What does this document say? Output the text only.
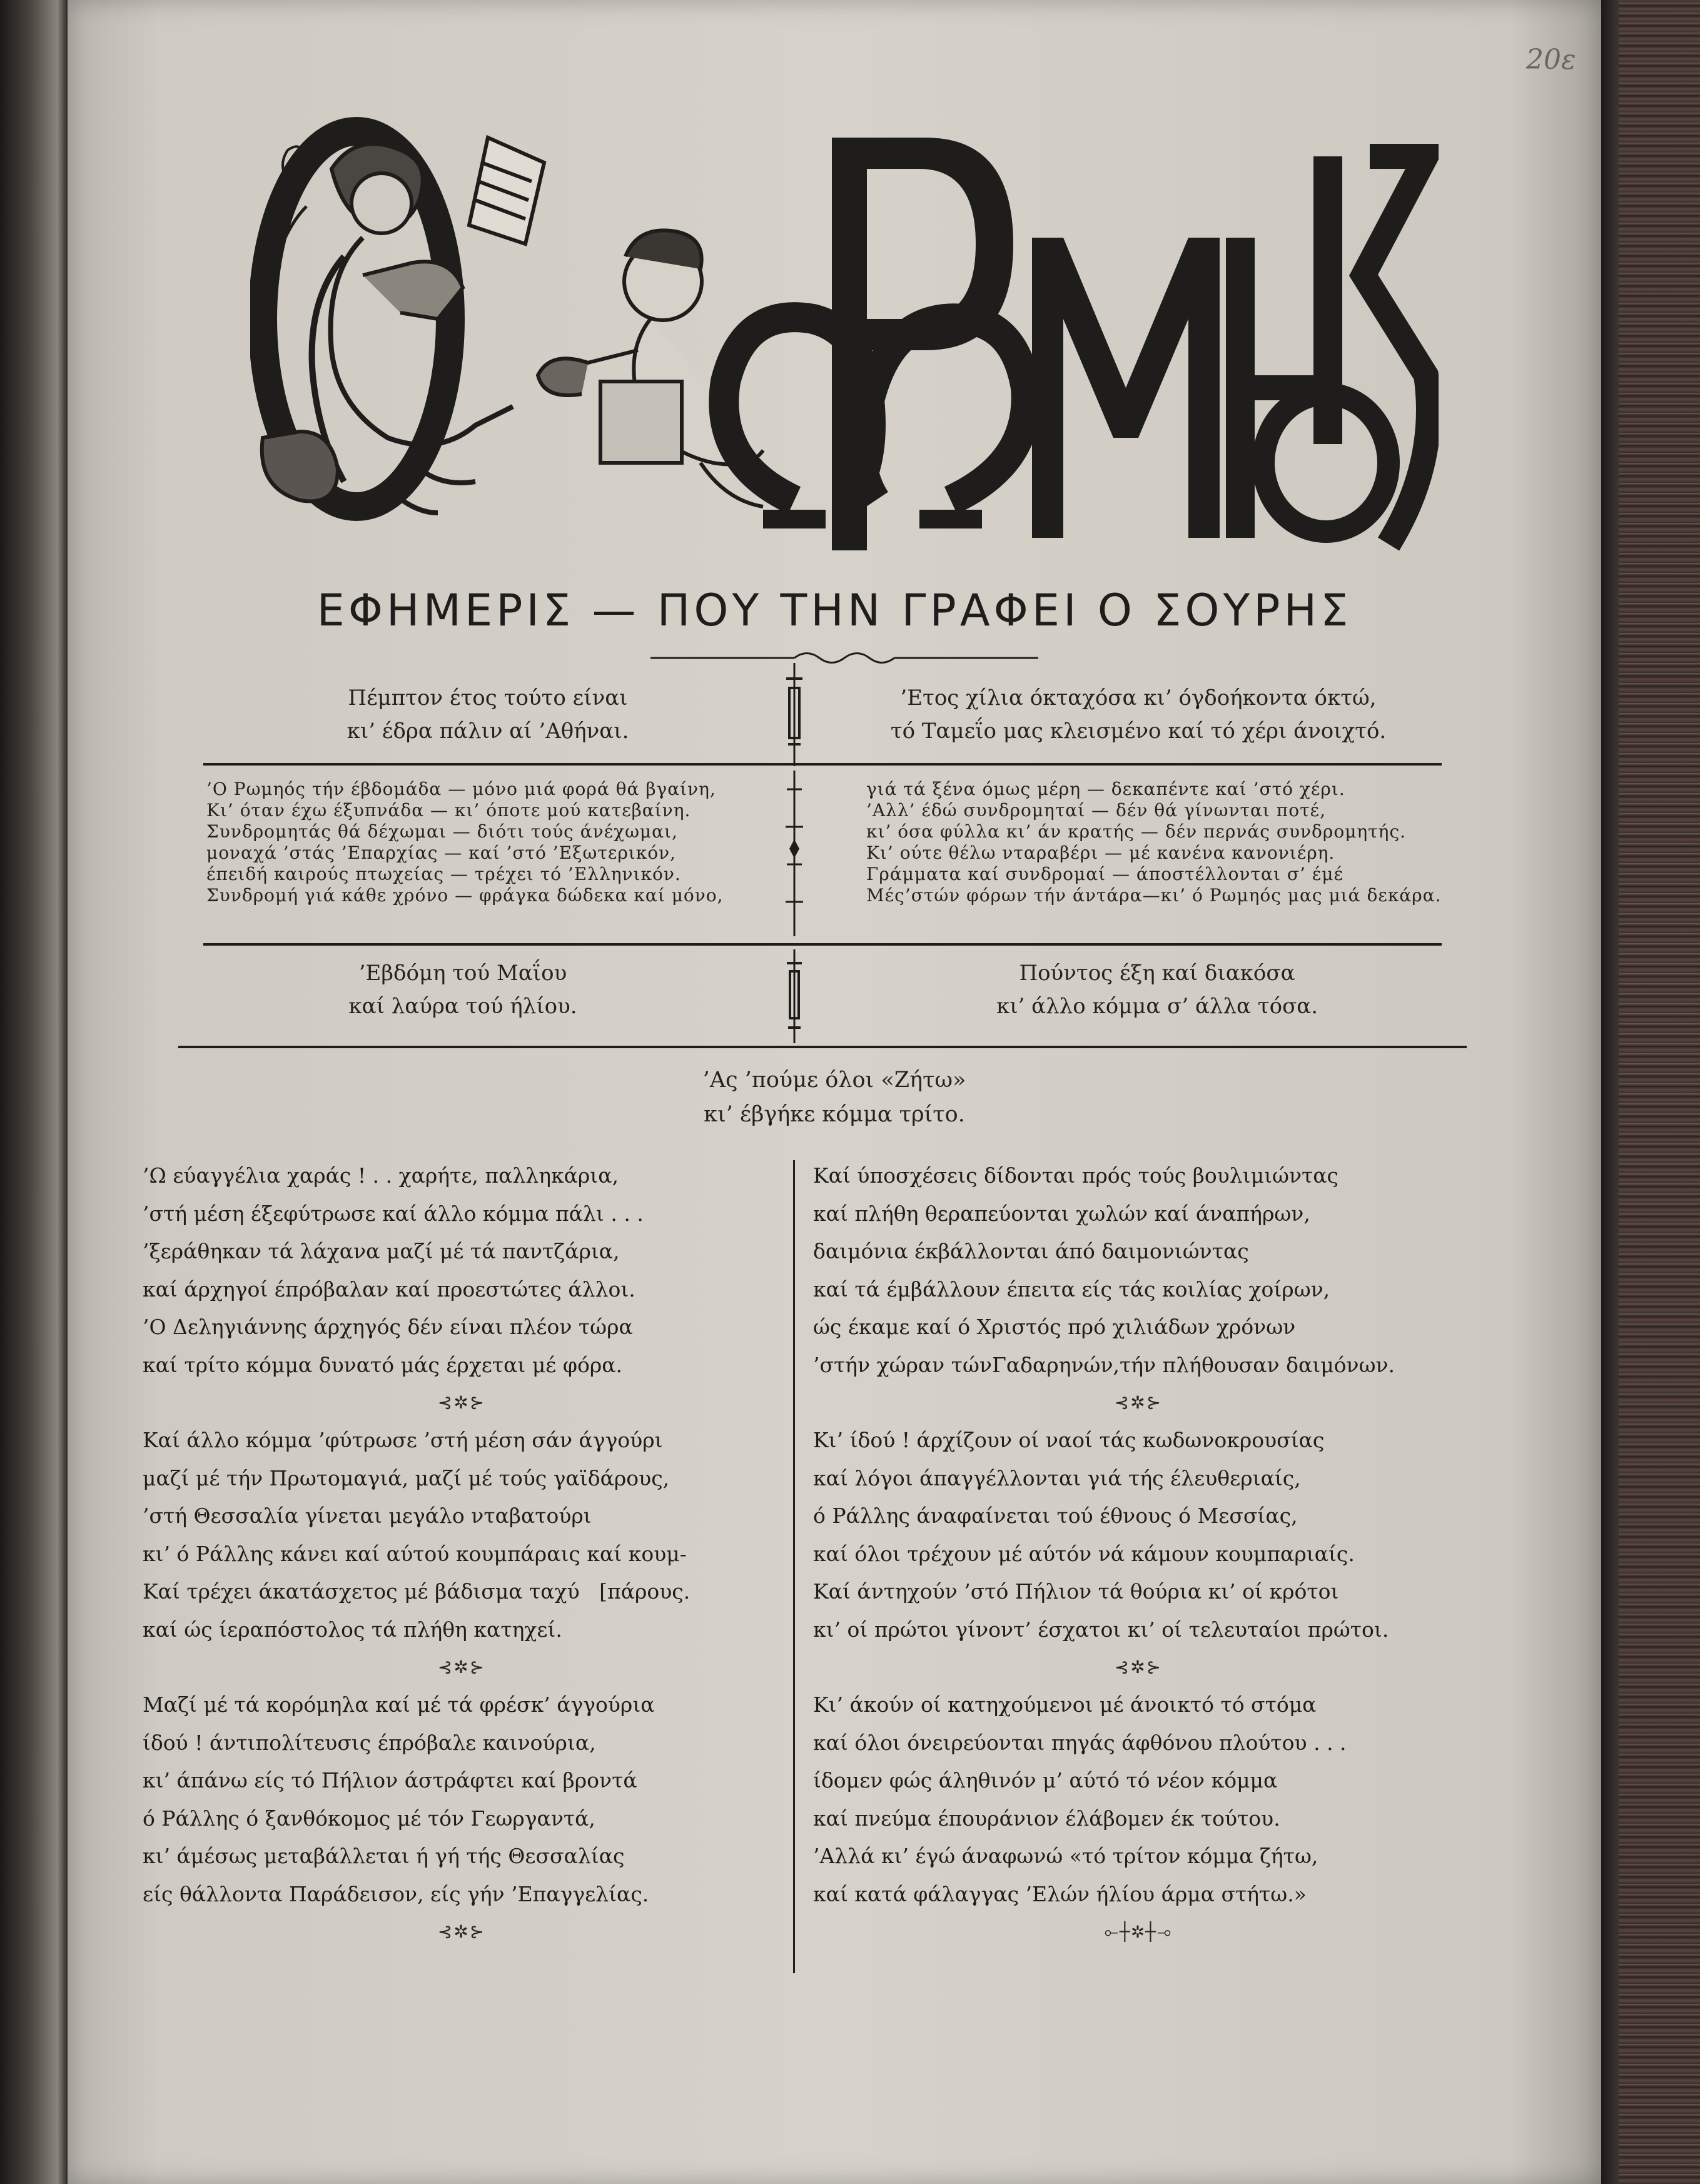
20ε
ΕΦΗΜΕΡΙΣ — ΠΟΥ ΤΗΝ ΓΡΑΦΕΙ Ο ΣΟΥΡΗΣ
Πέμπτον έτος τούτο είναι
κι’ έδρα πάλιν αί ’Αθήναι.
’Ετος χίλια όκταχόσα κι’ όγδοήκοντα όκτώ,
τό Ταμεΐο μας κλεισμένο καί τό χέρι άνοιχτό.
’Ο Ρωμηός τήν έβδομάδα — μόνο μιά φορά θά βγαίνη,
Κι’ όταν έχω έξυπνάδα — κι’ όποτε μού κατεβαίνη.
Συνδρομητάς θά δέχωμαι — διότι τούς άνέχωμαι,
μοναχά ’στάς ’Επαρχίας — καί ’στό ’Εξωτερικόν,
έπειδή καιρούς πτωχείας — τρέχει τό ’Ελληνικόν.
Συνδρομή γιά κάθε χρόνο — φράγκα δώδεκα καί μόνο,
γιά τά ξένα όμως μέρη — δεκαπέντε καί ’στό χέρι.
’Αλλ’ έδώ συνδρομηταί — δέν θά γίνωνται ποτέ,
κι’ όσα φύλλα κι’ άν κρατής — δέν περνάς συνδρομητής.
Κι’ ούτε θέλω νταραβέρι — μέ κανένα κανονιέρη.
Γράμματα καί συνδρομαί — άποστέλλονται σ’ έμέ
Μές’στών φόρων τήν άντάρα—κι’ ό Ρωμηός μας μιά δεκάρα.
’Εβδόμη τού Μαΐου
καί λαύρα τού ήλίου.
Πούντος έξη καί διακόσα
κι’ άλλο κόμμα σ’ άλλα τόσα.
’Ας ’πούμε όλοι «Ζήτω»
κι’ έβγήκε κόμμα τρίτο.

’Ω εύαγγέλια χαράς ! . . χαρήτε, παλληκάρια,

’στή μέση έξεφύτρωσε καί άλλο κόμμα πάλι . . .

’ξεράθηκαν τά λάχανα μαζί μέ τά παντζάρια,

καί άρχηγοί έπρόβαλαν καί προεστώτες άλλοι.

’Ο Δεληγιάννης άρχηγός δέν είναι πλέον τώρα

καί τρίτο κόμμα δυνατό μάς έρχεται μέ φόρα.

⊰✲⊱

Καί άλλο κόμμα ’φύτρωσε ’στή μέση σάν άγγούρι

μαζί μέ τήν Πρωτομαγιά, μαζί μέ τούς γαϊδάρους,

’στή Θεσσαλία γίνεται μεγάλο νταβατούρι

κι’ ό Ράλλης κάνει καί αύτού κουμπάραις καί κουμ-

Καί τρέχει άκατάσχετος μέ βάδισμα ταχύ [πάρους.

καί ώς ίεραπόστολος τά πλήθη κατηχεί.

⊰✲⊱

Μαζί μέ τά κορόμηλα καί μέ τά φρέσκ’ άγγούρια

ίδού ! άντιπολίτευσις έπρόβαλε καινούρια,

κι’ άπάνω είς τό Πήλιον άστράφτει καί βροντά

ό Ράλλης ό ξανθόκομος μέ τόν Γεωργαντά,

κι’ άμέσως μεταβάλλεται ή γή τής Θεσσαλίας

είς θάλλοντα Παράδεισον, είς γήν ’Επαγγελίας.

⊰✲⊱

Καί ύποσχέσεις δίδονται πρός τούς βουλιμιώντας

καί πλήθη θεραπεύονται χωλών καί άναπήρων,

δαιμόνια έκβάλλονται άπό δαιμονιώντας

καί τά έμβάλλουν έπειτα είς τάς κοιλίας χοίρων,

ώς έκαμε καί ό Χριστός πρό χιλιάδων χρόνων

’στήν χώραν τώνΓαδαρηνών,τήν πλήθουσαν δαιμόνων.

⊰✲⊱

Κι’ ίδού ! άρχίζουν οί ναοί τάς κωδωνοκρουσίας

καί λόγοι άπαγγέλλονται γιά τής έλευθεριαίς,

ό Ράλλης άναφαίνεται τού έθνους ό Μεσσίας,

καί όλοι τρέχουν μέ αύτόν νά κάμουν κουμπαριαίς.

Καί άντηχούν ’στό Πήλιον τά θούρια κι’ οί κρότοι

κι’ οί πρώτοι γίνοντ’ έσχατοι κι’ οί τελευταίοι πρώτοι.

⊰✲⊱

Κι’ άκούν οί κατηχούμενοι μέ άνοικτό τό στόμα

καί όλοι όνειρεύονται πηγάς άφθόνου πλούτου . . .

ίδομεν φώς άληθινόν μ’ αύτό τό νέον κόμμα

καί πνεύμα έπουράνιον έλάβομεν έκ τούτου.

’Αλλά κι’ έγώ άναφωνώ «τό τρίτον κόμμα ζήτω,

καί κατά φάλαγγας ’Ελών ήλίου άρμα στήτω.»

⟜┼✲┼⊸
